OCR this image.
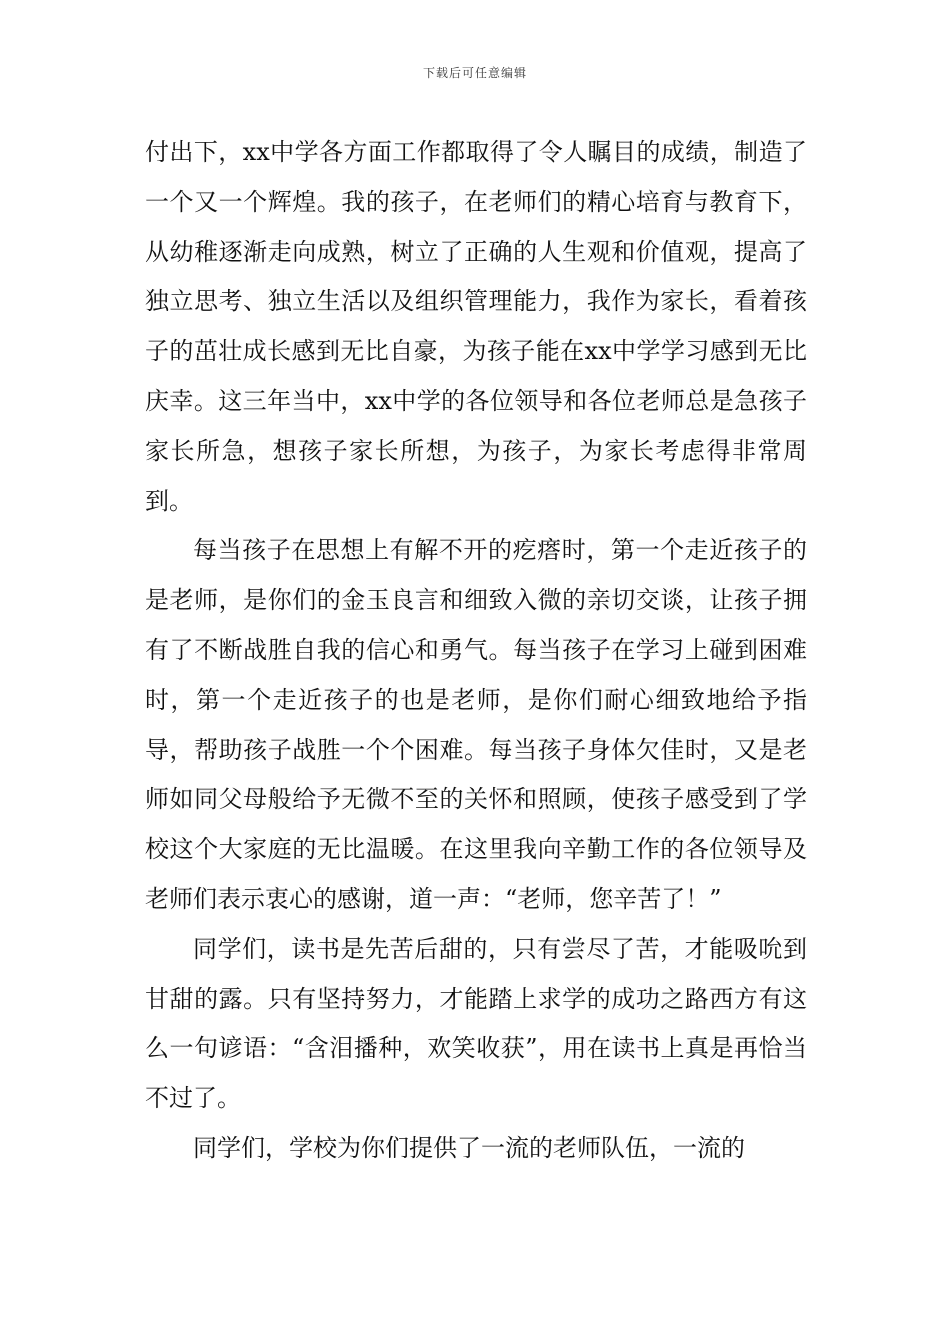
下载后可任意编辑

付出下，xx中学各方面工作都取得了令人瞩目的成绩，制造了一个又一个辉煌。我的孩子，在老师们的精心培育与教育下，从幼稚逐渐走向成熟，树立了正确的人生观和价值观，提高了独立思考、独立生活以及组织管理能力，我作为家长，看着孩子的茁壮成长感到无比自豪，为孩子能在xx中学学习感到无比庆幸。这三年当中，xx中学的各位领导和各位老师总是急孩子家长所急，想孩子家长所想，为孩子，为家长考虑得非常周到。

每当孩子在思想上有解不开的疙瘩时，第一个走近孩子的是老师，是你们的金玉良言和细致入微的亲切交谈，让孩子拥有了不断战胜自我的信心和勇气。每当孩子在学习上碰到困难时，第一个走近孩子的也是老师，是你们耐心细致地给予指导，帮助孩子战胜一个个困难。每当孩子身体欠佳时，又是老师如同父母般给予无微不至的关怀和照顾，使孩子感受到了学校这个大家庭的无比温暖。在这里我向辛勤工作的各位领导及老师们表示衷心的感谢，道一声：“老师，您辛苦了！”

同学们，读书是先苦后甜的，只有尝尽了苦，才能吸吮到甘甜的露。只有坚持努力，才能踏上求学的成功之路西方有这么一句谚语：“含泪播种，欢笑收获”，用在读书上真是再恰当不过了。

同学们，学校为你们提供了一流的老师队伍，一流的
